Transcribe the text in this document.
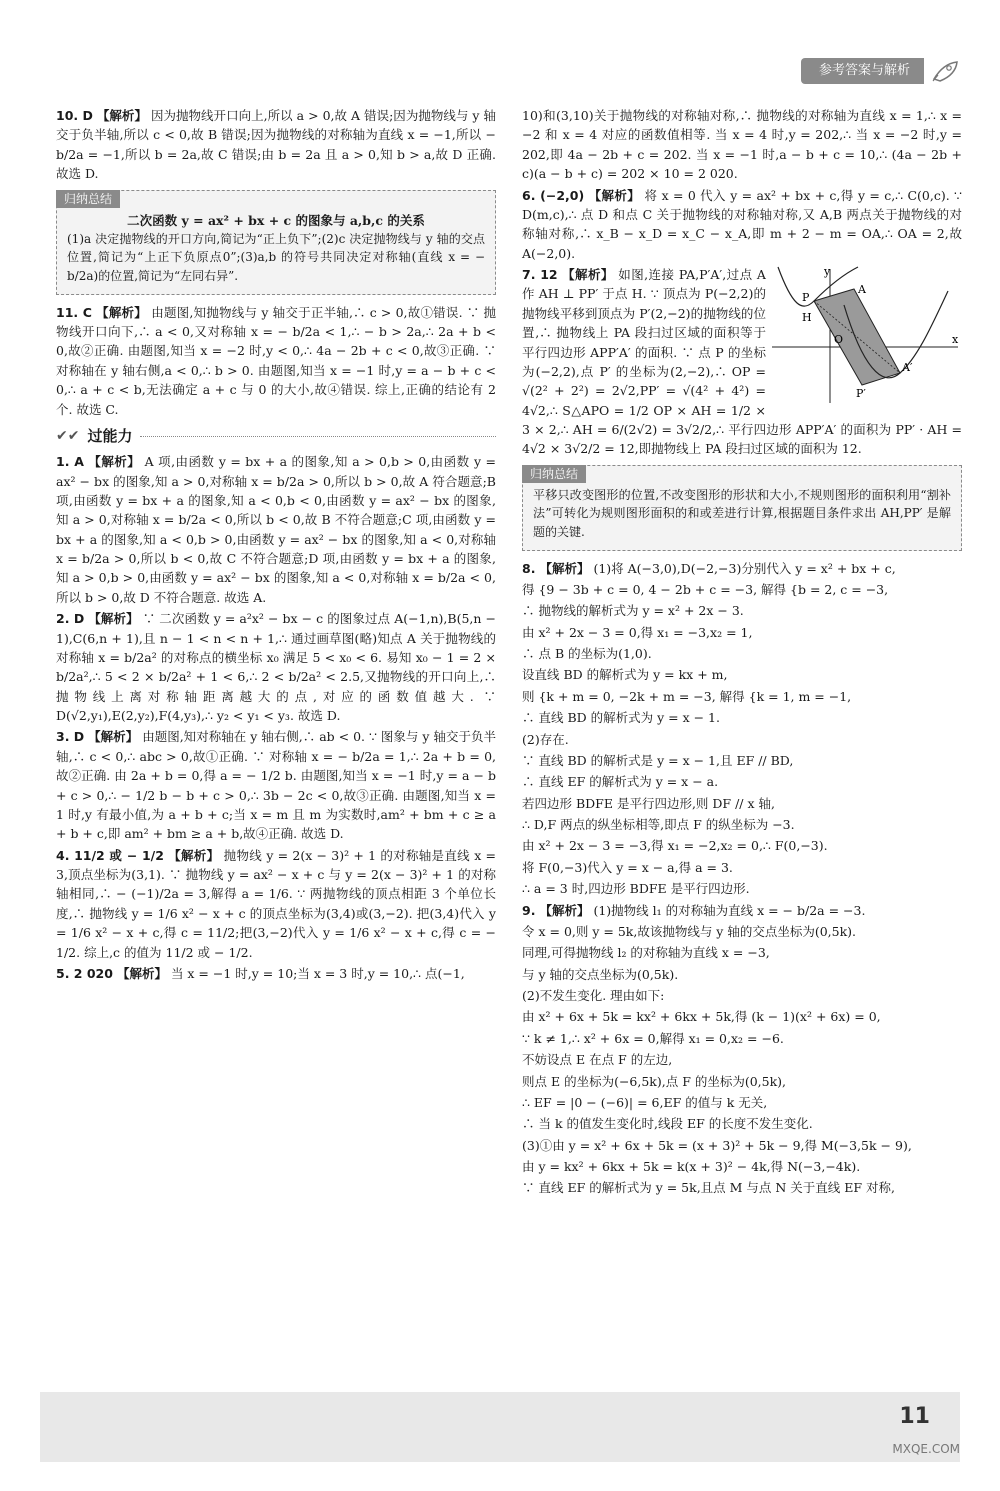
参考答案与解析

10. D 【解析】 因为抛物线开口向上,所以 a > 0,故 A 错误;因为抛物线与 y 轴交于负半轴,所以 c < 0,故 B 错误;因为抛物线的对称轴为直线 x = −1,所以 − b/2a = −1,所以 b = 2a,故 C 错误;由 b = 2a 且 a > 0,知 b > a,故 D 正确. 故选 D.

归纳总结
二次函数 y = ax² + bx + c 的图象与 a,b,c 的关系

(1)a 决定抛物线的开口方向,简记为“正上负下”;(2)c 决定抛物线与 y 轴的交点位置,简记为“上正下负原点0”;(3)a,b 的符号共同决定对称轴(直线 x = − b/2a)的位置,简记为“左同右异”.

11. C 【解析】 由题图,知抛物线与 y 轴交于正半轴,∴ c > 0,故①错误. ∵ 抛物线开口向下,∴ a < 0,又对称轴 x = − b/2a < 1,∴ − b > 2a,∴ 2a + b < 0,故②正确. 由题图,知当 x = −2 时,y < 0,∴ 4a − 2b + c < 0,故③正确. ∵ 对称轴在 y 轴右侧,a < 0,∴ b > 0. 由题图,知当 x = −1 时,y = a − b + c < 0,∴ a + c < b,无法确定 a + c 与 0 的大小,故④错误. 综上,正确的结论有 2 个. 故选 C.

✔✔ 过能力

1. A 【解析】 A 项,由函数 y = bx + a 的图象,知 a > 0,b > 0,由函数 y = ax² − bx 的图象,知 a > 0,对称轴 x = b/2a > 0,所以 b > 0,故 A 符合题意;B 项,由函数 y = bx + a 的图象,知 a < 0,b < 0,由函数 y = ax² − bx 的图象,知 a > 0,对称轴 x = b/2a < 0,所以 b < 0,故 B 不符合题意;C 项,由函数 y = bx + a 的图象,知 a < 0,b > 0,由函数 y = ax² − bx 的图象,知 a < 0,对称轴 x = b/2a > 0,所以 b < 0,故 C 不符合题意;D 项,由函数 y = bx + a 的图象,知 a > 0,b > 0,由函数 y = ax² − bx 的图象,知 a < 0,对称轴 x = b/2a < 0,所以 b > 0,故 D 不符合题意. 故选 A.

2. D 【解析】 ∵ 二次函数 y = a²x² − bx − c 的图象过点 A(−1,n),B(5,n − 1),C(6,n + 1),且 n − 1 < n < n + 1,∴ 通过画草图(略)知点 A 关于抛物线的对称轴 x = b/2a² 的对称点的横坐标 x₀ 满足 5 < x₀ < 6. 易知 x₀ − 1 = 2 × b/2a²,∴ 5 < 2 × b/2a² + 1 < 6,∴ 2 < b/2a² < 2.5,又抛物线的开口向上,∴ 抛物线上离对称轴距离越大的点,对应的函数值越大. ∵ D(√2,y₁),E(2,y₂),F(4,y₃),∴ y₂ < y₁ < y₃. 故选 D.

3. D 【解析】 由题图,知对称轴在 y 轴右侧,∴ ab < 0. ∵ 图象与 y 轴交于负半轴,∴ c < 0,∴ abc > 0,故①正确. ∵ 对称轴 x = − b/2a = 1,∴ 2a + b = 0,故②正确. 由 2a + b = 0,得 a = − 1/2 b. 由题图,知当 x = −1 时,y = a − b + c > 0,∴ − 1/2 b − b + c > 0,∴ 3b − 2c < 0,故③正确. 由题图,知当 x = 1 时,y 有最小值,为 a + b + c;当 x = m 且 m 为实数时,am² + bm + c ≥ a + b + c,即 am² + bm ≥ a + b,故④正确. 故选 D.

4. 11/2 或 − 1/2 【解析】 抛物线 y = 2(x − 3)² + 1 的对称轴是直线 x = 3,顶点坐标为(3,1). ∵ 抛物线 y = ax² − x + c 与 y = 2(x − 3)² + 1 的对称轴相同,∴ − (−1)/2a = 3,解得 a = 1/6. ∵ 两抛物线的顶点相距 3 个单位长度,∴ 抛物线 y = 1/6 x² − x + c 的顶点坐标为(3,4)或(3,−2). 把(3,4)代入 y = 1/6 x² − x + c,得 c = 11/2;把(3,−2)代入 y = 1/6 x² − x + c,得 c = − 1/2. 综上,c 的值为 11/2 或 − 1/2.

5. 2 020 【解析】 当 x = −1 时,y = 10;当 x = 3 时,y = 10,∴ 点(−1,

10)和(3,10)关于抛物线的对称轴对称,∴ 抛物线的对称轴为直线 x = 1,∴ x = −2 和 x = 4 对应的函数值相等. 当 x = 4 时,y = 202,∴ 当 x = −2 时,y = 202,即 4a − 2b + c = 202. 当 x = −1 时,a − b + c = 10,∴ (4a − 2b + c)(a − b + c) = 202 × 10 = 2 020.

6. (−2,0) 【解析】 将 x = 0 代入 y = ax² + bx + c,得 y = c,∴ C(0,c). ∵ D(m,c),∴ 点 D 和点 C 关于抛物线的对称轴对称,又 A,B 两点关于抛物线的对称轴对称,∴ x_B − x_D = x_C − x_A,即 m + 2 − m = OA,∴ OA = 2,故 A(−2,0).

y
x
O
A
P
H
A′
P′

7. 12 【解析】 如图,连接 PA,P′A′,过点 A 作 AH ⊥ PP′ 于点 H. ∵ 顶点为 P(−2,2)的抛物线平移到顶点为 P′(2,−2)的抛物线的位置,∴ 抛物线上 PA 段扫过区域的面积等于平行四边形 APP′A′ 的面积. ∵ 点 P 的坐标为(−2,2),点 P′ 的坐标为(2,−2),∴ OP = √(2² + 2²) = 2√2,PP′ = √(4² + 4²) = 4√2,∴ S△APO = 1/2 OP × AH = 1/2 × 3 × 2,∴ AH = 6/(2√2) = 3√2/2,∴ 平行四边形 APP′A′ 的面积为 PP′ · AH = 4√2 × 3√2/2 = 12,即抛物线上 PA 段扫过区域的面积为 12.

归纳总结

平移只改变图形的位置,不改变图形的形状和大小,不规则图形的面积利用“割补法”可转化为规则图形面积的和或差进行计算,根据题目条件求出 AH,PP′ 是解题的关键.

8. 【解析】 (1)将 A(−3,0),D(−2,−3)分别代入 y = x² + bx + c,

得 {9 − 3b + c = 0, 4 − 2b + c = −3, 解得 {b = 2, c = −3,

∴ 抛物线的解析式为 y = x² + 2x − 3.

由 x² + 2x − 3 = 0,得 x₁ = −3,x₂ = 1,

∴ 点 B 的坐标为(1,0).

设直线 BD 的解析式为 y = kx + m,

则 {k + m = 0, −2k + m = −3, 解得 {k = 1, m = −1,

∴ 直线 BD 的解析式为 y = x − 1.

(2)存在.

∵ 直线 BD 的解析式是 y = x − 1,且 EF // BD,

∴ 直线 EF 的解析式为 y = x − a.

若四边形 BDFE 是平行四边形,则 DF // x 轴,

∴ D,F 两点的纵坐标相等,即点 F 的纵坐标为 −3.

由 x² + 2x − 3 = −3,得 x₁ = −2,x₂ = 0,∴ F(0,−3).

将 F(0,−3)代入 y = x − a,得 a = 3.

∴ a = 3 时,四边形 BDFE 是平行四边形.

9. 【解析】 (1)抛物线 l₁ 的对称轴为直线 x = − b/2a = −3.

令 x = 0,则 y = 5k,故该抛物线与 y 轴的交点坐标为(0,5k).

同理,可得抛物线 l₂ 的对称轴为直线 x = −3,

与 y 轴的交点坐标为(0,5k).

(2)不发生变化. 理由如下:

由 x² + 6x + 5k = kx² + 6kx + 5k,得 (k − 1)(x² + 6x) = 0,

∵ k ≠ 1,∴ x² + 6x = 0,解得 x₁ = 0,x₂ = −6.

不妨设点 E 在点 F 的左边,

则点 E 的坐标为(−6,5k),点 F 的坐标为(0,5k),

∴ EF = |0 − (−6)| = 6,EF 的值与 k 无关,

∴ 当 k 的值发生变化时,线段 EF 的长度不发生变化.

(3)①由 y = x² + 6x + 5k = (x + 3)² + 5k − 9,得 M(−3,5k − 9),

由 y = kx² + 6kx + 5k = k(x + 3)² − 4k,得 N(−3,−4k).

∵ 直线 EF 的解析式为 y = 5k,且点 M 与点 N 关于直线 EF 对称,

11
MXQE.COM
